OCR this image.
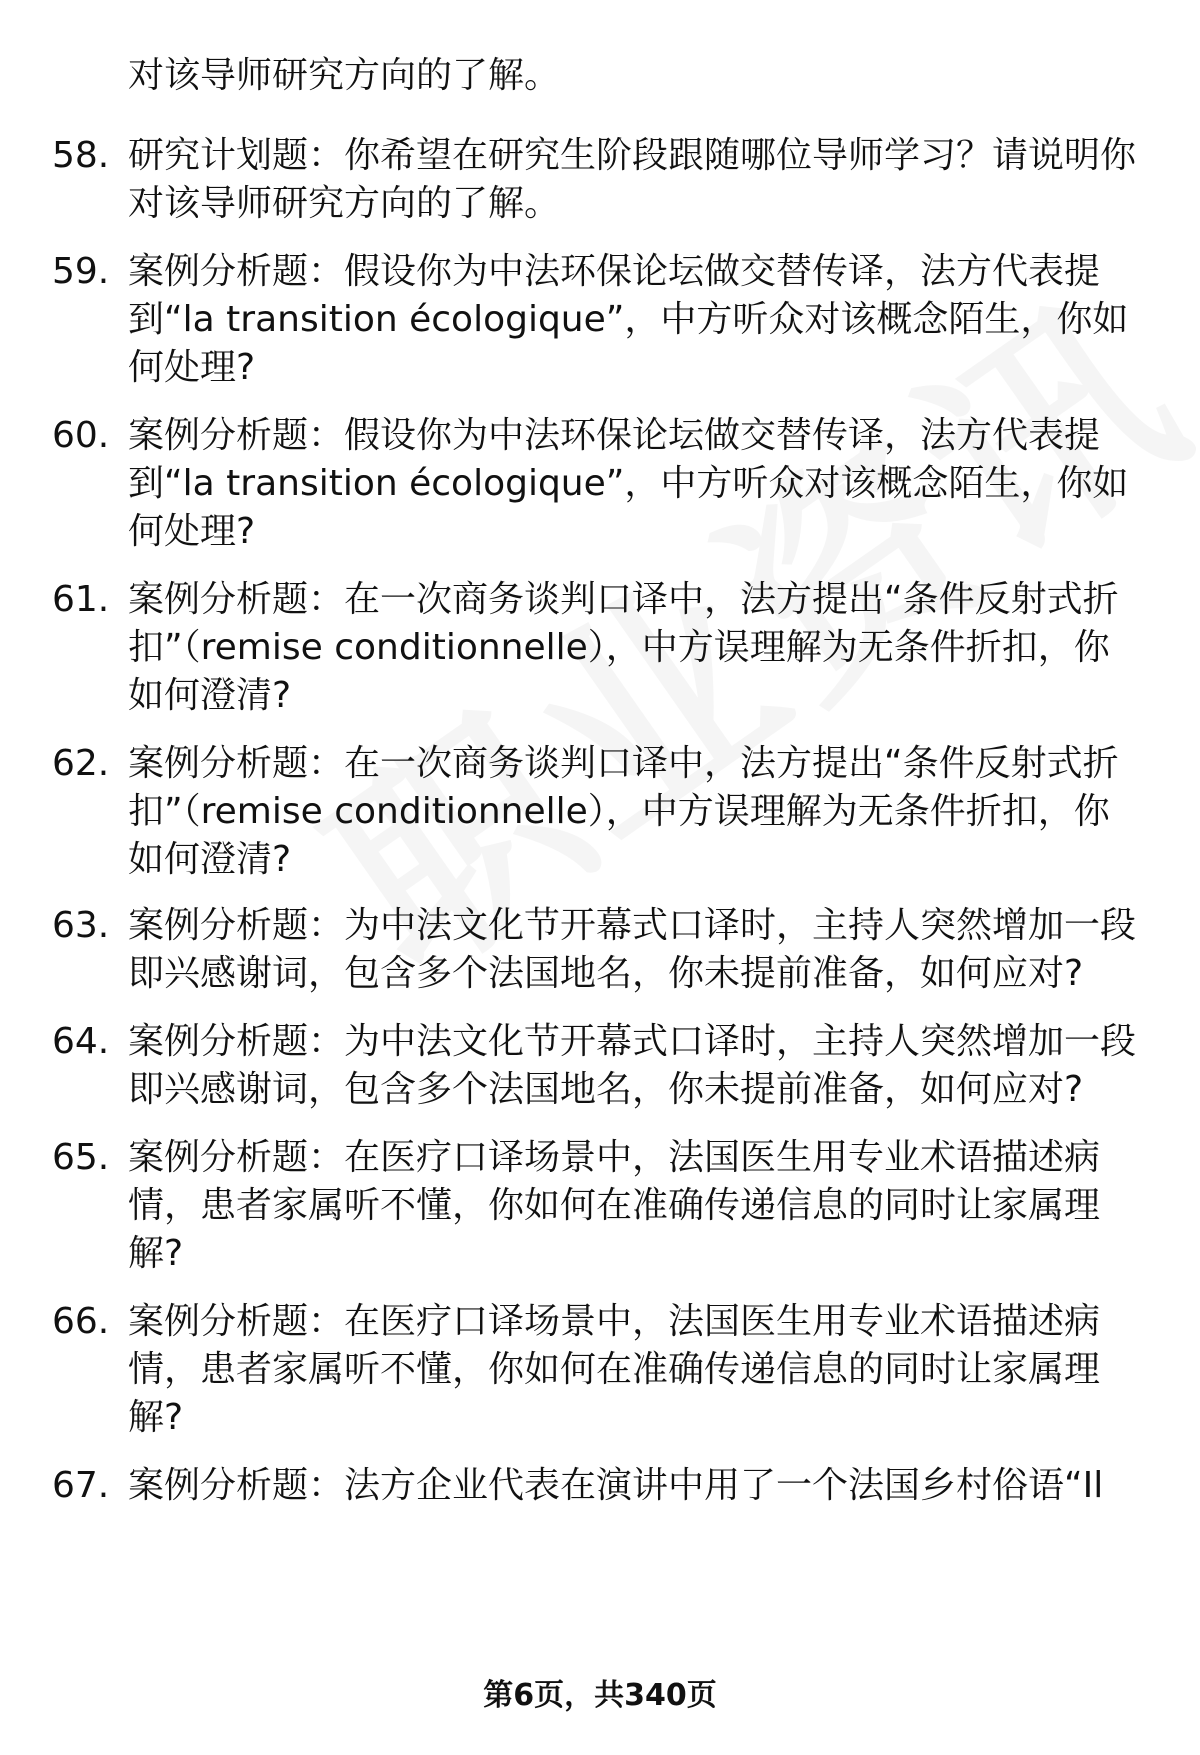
对该导师研究方向的了解。
58. 研究计划题：你希望在研究生阶段跟随哪位导师学习？请说明你
对该导师研究方向的了解。
59. 案例分析题：假设你为中法环保论坛做交替传译，法方代表提
到“la transition écologique”，中方听众对该概念陌生，你如
何处理?
60. 案例分析题：假设你为中法环保论坛做交替传译，法方代表提
到“la transition écologique”，中方听众对该概念陌生，你如
何处理?
61. 案例分析题：在一次商务谈判口译中，法方提出“条件反射式折
扣”（remise conditionnelle），中方误理解为无条件折扣，你
如何澄清?
62. 案例分析题：在一次商务谈判口译中，法方提出“条件反射式折
扣”（remise conditionnelle），中方误理解为无条件折扣，你
如何澄清?
63. 案例分析题：为中法文化节开幕式口译时，主持人突然增加一段
即兴感谢词，包含多个法国地名，你未提前准备，如何应对?
64. 案例分析题：为中法文化节开幕式口译时，主持人突然增加一段
即兴感谢词，包含多个法国地名，你未提前准备，如何应对?
65. 案例分析题：在医疗口译场景中，法国医生用专业术语描述病
情，患者家属听不懂，你如何在准确传递信息的同时让家属理
解?
66. 案例分析题：在医疗口译场景中，法国医生用专业术语描述病
情，患者家属听不懂，你如何在准确传递信息的同时让家属理
解?
67. 案例分析题：法方企业代表在演讲中用了一个法国乡村俗语“Il
第6页，共340页
